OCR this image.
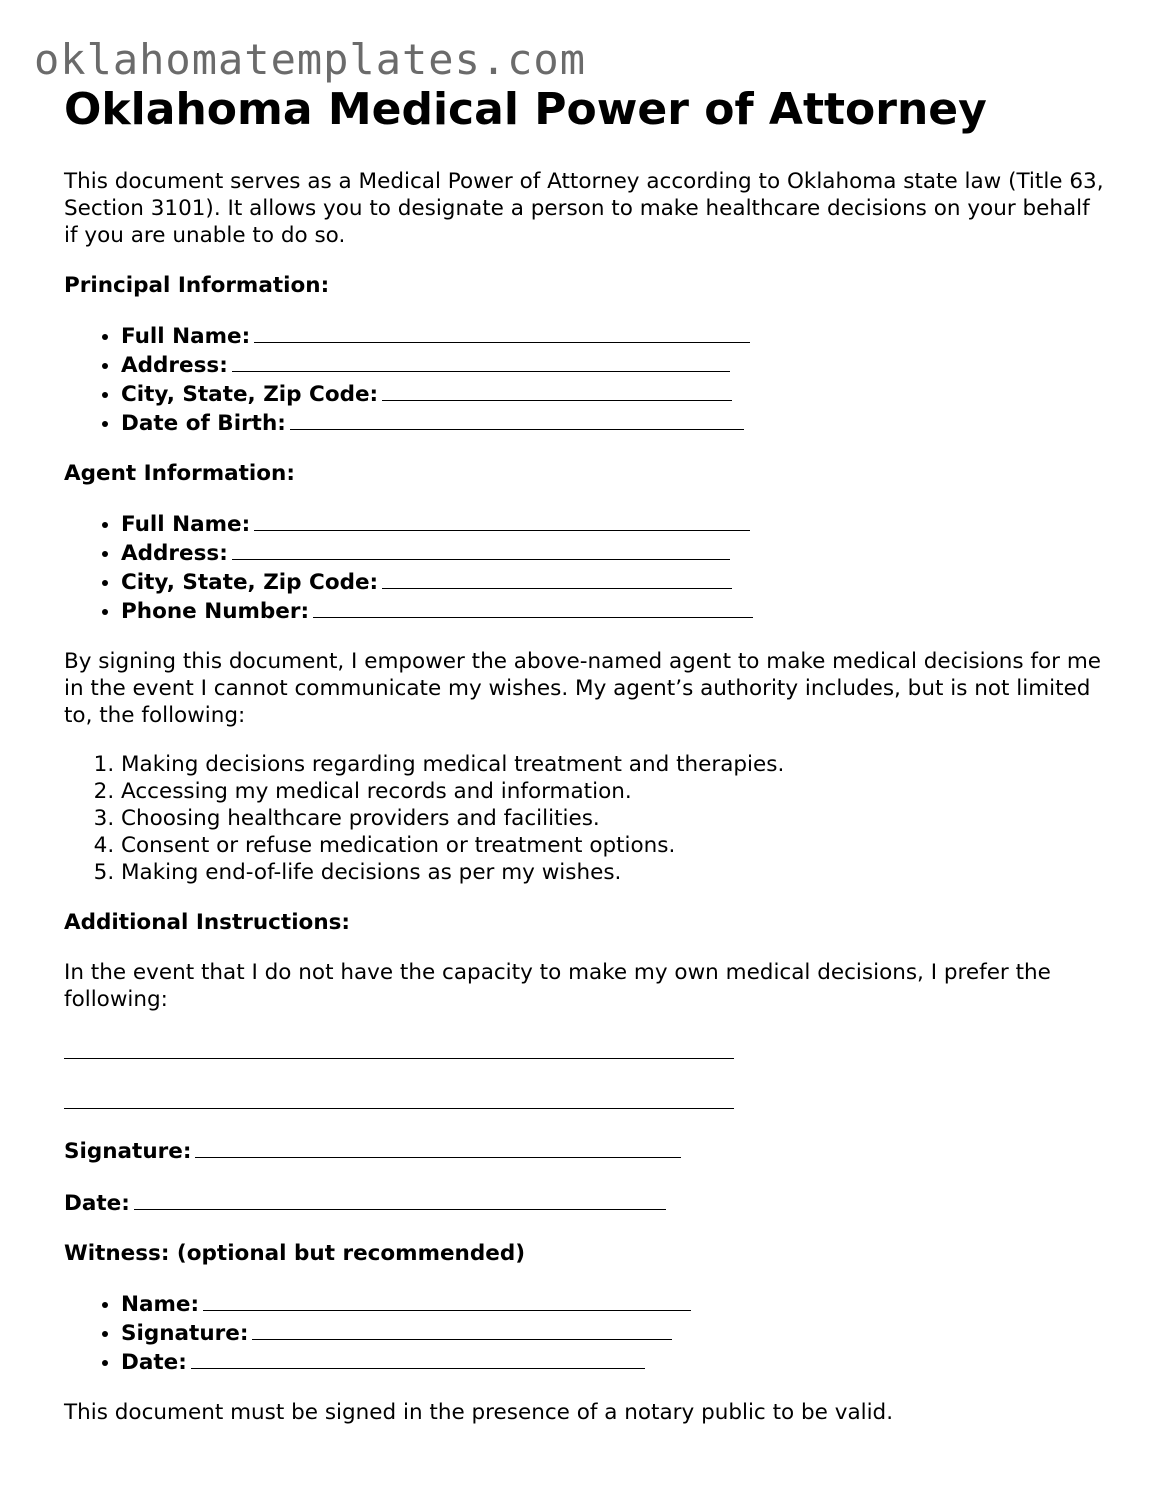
oklahomatemplates.com
Oklahoma Medical Power of Attorney

This document serves as a Medical Power of Attorney according to Oklahoma state law (Title 63, Section 3101). It allows you to designate a person to make healthcare decisions on your behalf if you are unable to do so.

Principal Information:
• Full Name:
• Address:
• City, State, Zip Code:
• Date of Birth:
Agent Information:
• Full Name:
• Address:
• City, State, Zip Code:
• Phone Number:

By signing this document, I empower the above-named agent to make medical decisions for me in the event I cannot communicate my wishes. My agent’s authority includes, but is not limited to, the following:

1. Making decisions regarding medical treatment and therapies.
2. Accessing my medical records and information.
3. Choosing healthcare providers and facilities.
4. Consent or refuse medication or treatment options.
5. Making end-of-life decisions as per my wishes.
Additional Instructions:

In the event that I do not have the capacity to make my own medical decisions, I prefer the following:

Signature:
Date:
Witness: (optional but recommended)
• Name:
• Signature:
• Date:

This document must be signed in the presence of a notary public to be valid.
